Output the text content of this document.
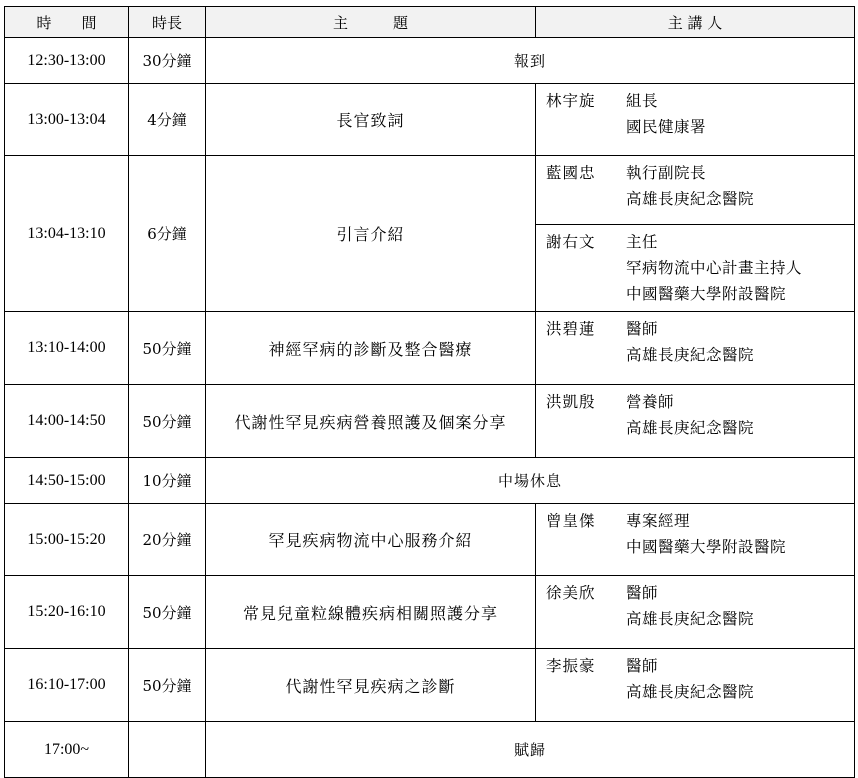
時　　間	時長	主　　　題	主 講 人
12:30-13:00	30分鐘	報到	
13:00-13:04	4分鐘	長官致詞	林宇旋 組長
國民健康署

13:04-13:10	6分鐘	引言介紹	藍國忠 執行副院長
高雄長庚紀念醫院

			謝右文 主任
罕病物流中心計畫主持人
中國醫藥大學附設醫院

13:10-14:00	50分鐘	神經罕病的診斷及整合醫療	洪碧蓮 醫師
高雄長庚紀念醫院

14:00-14:50	50分鐘	代謝性罕見疾病營養照護及個案分享	洪凱殷 營養師
高雄長庚紀念醫院

14:50-15:00	10分鐘	中場休息	
15:00-15:20	20分鐘	罕見疾病物流中心服務介紹	曾皇傑 專案經理
中國醫藥大學附設醫院

15:20-16:10	50分鐘	常見兒童粒線體疾病相關照護分享	徐美欣 醫師
高雄長庚紀念醫院

16:10-17:00	50分鐘	代謝性罕見疾病之診斷	李振豪 醫師
高雄長庚紀念醫院

17:00~		賦歸	
